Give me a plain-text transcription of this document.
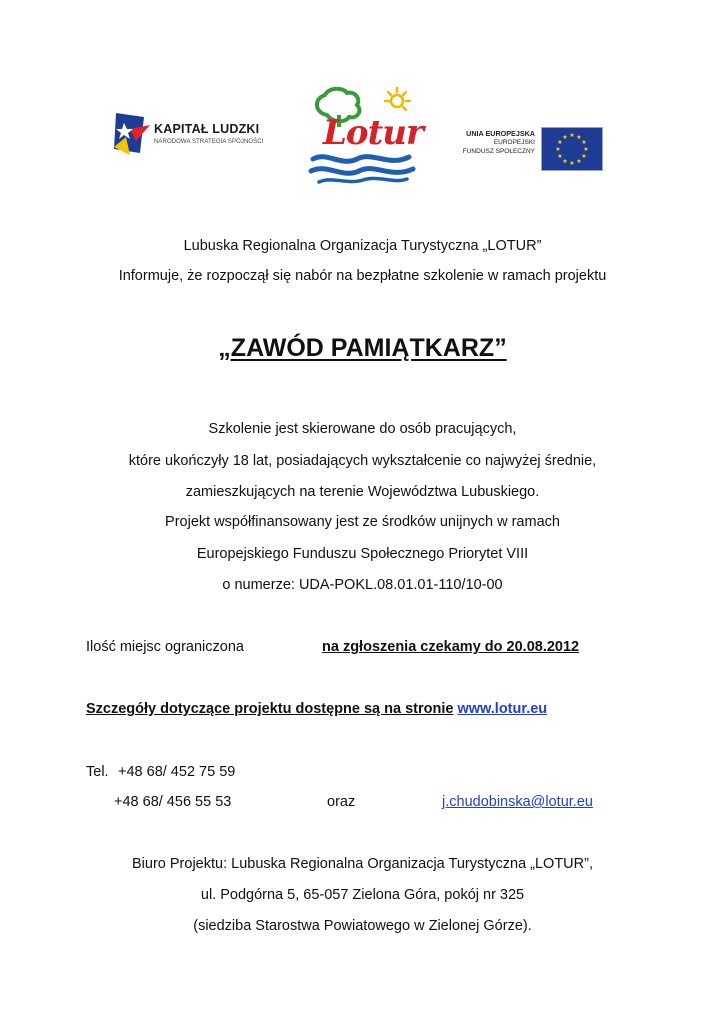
KAPITAŁ LUDZKI
NARODOWA STRATEGIA SPÓJNOŚCI Lotur	UNIA EUROPEJSKA
EUROPEJSKI
FUNDUSZ SPOŁECZNY
★ ★
★
★
★
★
★
★
★
★
★
★
Lubuska Regionalna Organizacja Turystyczna „LOTUR”
Informuje, że rozpoczął się nabór na bezpłatne szkolenie w ramach projektu
„ZAWÓD PAMIĄTKARZ”
Szkolenie jest skierowane do osób pracujących,
które ukończyły 18 lat, posiadających wykształcenie co najwyżej średnie,
zamieszkujących na terenie Województwa Lubuskiego.
Projekt współfinansowany jest ze środków unijnych w ramach
Europejskiego Funduszu Społecznego Priorytet VIII
o numerze: UDA-POKL.08.01.01-110/10-00
Ilość miejsc ograniczona	na zgłoszenia czekamy do 20.08.2012
Szczegóły dotyczące projektu dostępne są na stronie www.lotur.eu
Tel. +48 68/ 452 75 59
+48 68/ 456 55 53	oraz	j.chudobinska@lotur.eu
Biuro Projektu: Lubuska Regionalna Organizacja Turystyczna „LOTUR”,
ul. Podgórna 5, 65-057 Zielona Góra, pokój nr 325
(siedziba Starostwa Powiatowego w Zielonej Górze).
